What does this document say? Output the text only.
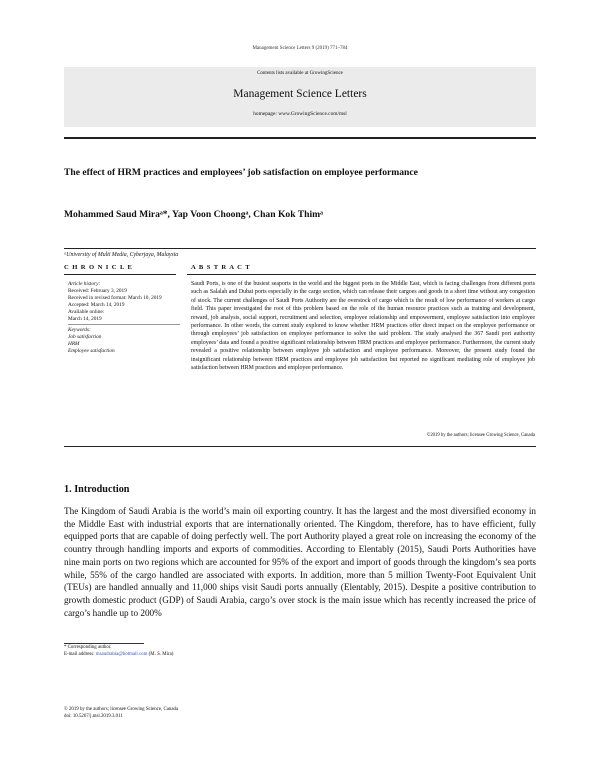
Management Science Letters 9 (2019) 771–784
Contents lists available at GrowingScience
Management Science Letters
homepage: www.GrowingScience.com/msl
The effect of HRM practices and employees’ job satisfaction on employee performance
Mohammed Saud Miraᵃ*, Yap Voon Choongᵃ, Chan Kok Thimᵃ
ᵃUniversity of Multi Media, Cyberjaya, Malaysia
C H R O N I C L E	A B S T R A C T
Article history:
Received: February 3, 2019
Received in revised format: March 10, 2019
Accepted: March 14, 2019
Available online:
March 14, 2019
Keywords:
Job satisfaction
HRM
Employee satisfaction
Saudi Ports, is one of the busiest seaports in the world and the biggest ports in the Middle East, which is facing challenges from different ports such as Salalah and Dubai ports especially in the cargo section, which can release their cargoes and goods in a short time without any congestion of stock. The current challenges of Saudi Ports Authority are the overstock of cargo which is the result of low performance of workers at cargo field. This paper investigated the root of this problem based on the role of the human resource practices such as training and development, reward, job analysis, social support, recruitment and selection, employee relationship and empowerment, employee satisfaction into employee performance. In other words, the current study explored to know whether HRM practices offer direct impact on the employee performance or through employees’ job satisfaction on employee performance to solve the said problem. The study analysed the 367 Saudi port authority employees’ data and found a positive significant relationship between HRM practices and employee performance. Furthermore, the current study revealed a positive relationship between employee job satisfaction and employee performance. Moreover, the present study found the insignificant relationship between HRM practices and employee job satisfaction but reported no significant mediating role of employee job satisfaction between HRM practices and employee performance.
©2019 by the authors; licensee Growing Science, Canada
1. Introduction
The Kingdom of Saudi Arabia is the world’s main oil exporting country. It has the largest and the most diversified economy in the Middle East with industrial exports that are internationally oriented. The Kingdom, therefore, has to have efficient, fully equipped ports that are capable of doing perfectly well. The port Authority played a great role on increasing the economy of the country through handling imports and exports of commodities. According to Elentably (2015), Saudi Ports Authorities have nine main ports on two regions which are accounted for 95% of the export and import of goods through the kingdom’s sea ports while, 55% of the cargo handled are associated with exports. In addition, more than 5 million Twenty-Foot Equivalent Unit (TEUs) are handled annually and 11,000 ships visit Saudi ports annually (Elentably, 2015). Despite a positive contribution to growth domestic product (GDP) of Saudi Arabia, cargo’s over stock is the main issue which has recently increased the price of cargo’s handle up to 200%
* Corresponding author.
E-mail address: msaudrabia@hotmail.com (M. S. Mira)
© 2019 by the authors; licensee Growing Science, Canada
doi: 10.5267/j.msl.2019.3.011
